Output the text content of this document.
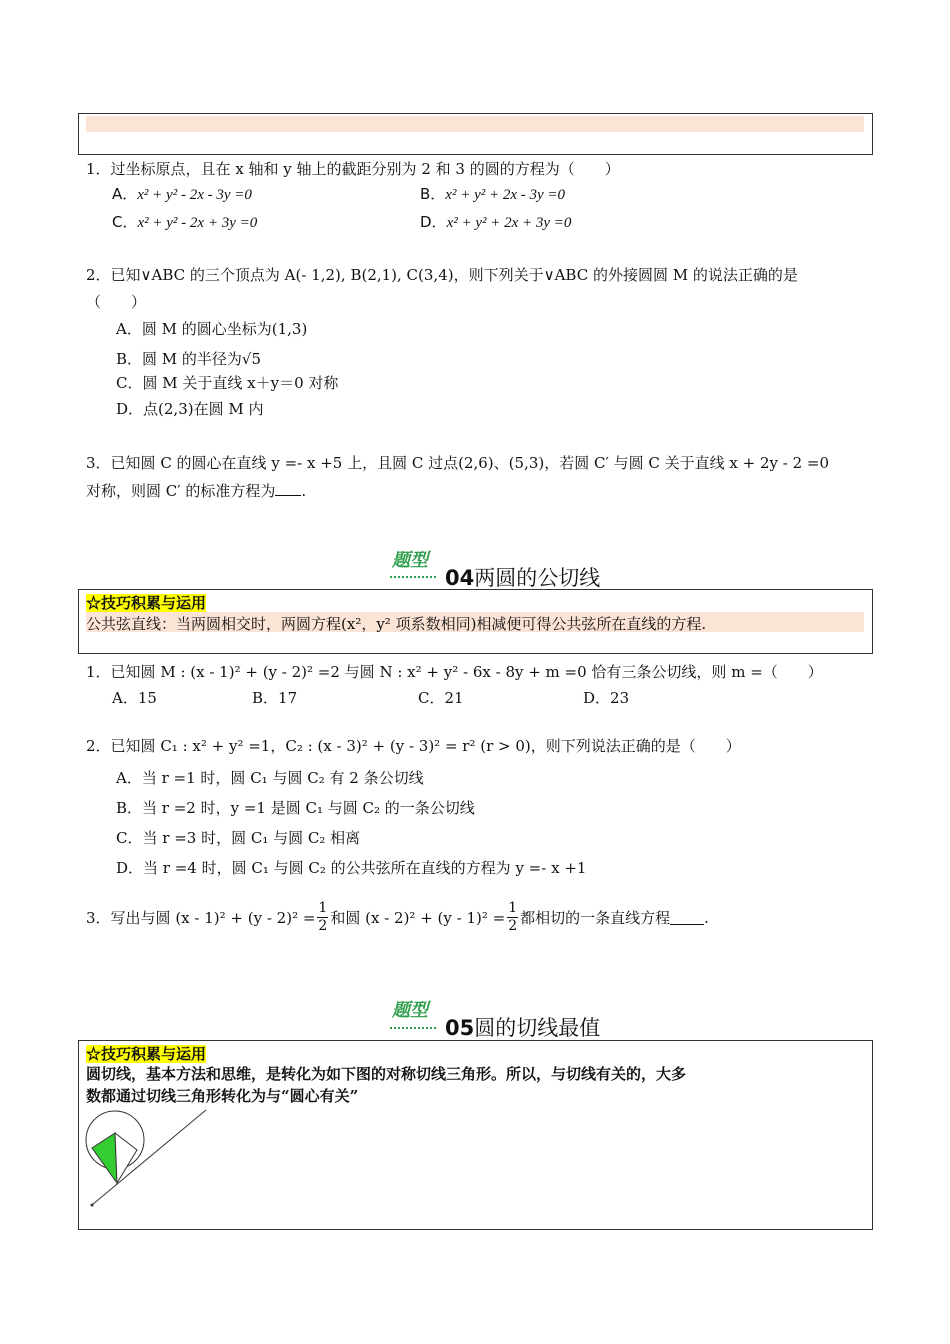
1．过坐标原点，且在 x 轴和 y 轴上的截距分别为 2 和 3 的圆的方程为（　　）
A．x² + y² - 2x - 3y =0	B．x² + y² + 2x - 3y =0
C．x² + y² - 2x + 3y =0	D．x² + y² + 2x + 3y =0
2．已知∨ABC 的三个顶点为 A(- 1,2), B(2,1), C(3,4)，则下列关于∨ABC 的外接圆圆 M 的说法正确的是
（　　）
A．圆 M 的圆心坐标为(1,3)
B．圆 M 的半径为√5
C．圆 M 关于直线 x＋y＝0 对称
D．点(2,3)在圆 M 内
3．已知圆 C 的圆心在直线 y =- x +5 上，且圆 C 过点(2,6)、(5,3)，若圆 C′ 与圆 C 关于直线 x + 2y - 2 =0
对称，则圆 C′ 的标准方程为 .
题型
04两圆的公切线
☆技巧积累与运用
公共弦直线：当两圆相交时，两圆方程(x²，y² 项系数相同)相减便可得公共弦所在直线的方程.
1．已知圆 M : (x - 1)² + (y - 2)² =2 与圆 N : x² + y² - 6x - 8y + m =0 恰有三条公切线，则 m =（　　）
A．15	B．17	C．21	D．23
2．已知圆 C₁ : x² + y² =1，C₂ : (x - 3)² + (y - 3)² = r² (r > 0)，则下列说法正确的是（　　）
A．当 r =1 时，圆 C₁ 与圆 C₂ 有 2 条公切线
B．当 r =2 时，y =1 是圆 C₁ 与圆 C₂ 的一条公切线
C．当 r =3 时，圆 C₁ 与圆 C₂ 相离
D．当 r =4 时，圆 C₁ 与圆 C₂ 的公共弦所在直线的方程为 y =- x +1
3． 写出与圆 $(x - 1)^2 + (y - 2)^2 = \frac{1}{2}$ 和圆 $(x - 2)^2 + (y - 1)^2 = \frac{1}{2}$ 都相切的一条直线方程 .
题型
05圆的切线最值
☆技巧积累与运用
圆切线，基本方法和思维，是转化为如下图的对称切线三角形。所以，与切线有关的，大多
数都通过切线三角形转化为与“圆心有关”
